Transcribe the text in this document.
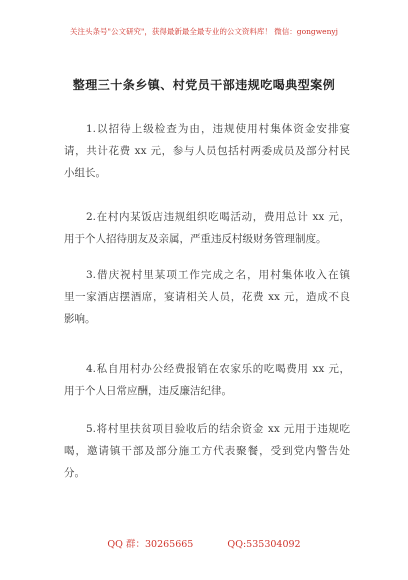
关注头条号"公文研究"，获得最新最全最专业的公文资料库！ 微信：gongwenyj
整理三十条乡镇、村党员干部违规吃喝典型案例
1.以招待上级检查为由，违规使用村集体资金安排宴
请，共计花费 xx 元，参与人员包括村两委成员及部分村民
小组长。
2.在村内某饭店违规组织吃喝活动，费用总计 xx 元，
用于个人招待朋友及亲属，严重违反村级财务管理制度。
3.借庆祝村里某项工作完成之名，用村集体收入在镇
里一家酒店摆酒席，宴请相关人员，花费 xx 元，造成不良
影响。
4.私自用村办公经费报销在农家乐的吃喝费用 xx 元，
用于个人日常应酬，违反廉洁纪律。
5.将村里扶贫项目验收后的结余资金 xx 元用于违规吃
喝，邀请镇干部及部分施工方代表聚餐，受到党内警告处
分。
QQ 群：30265665	QQ:535304092
